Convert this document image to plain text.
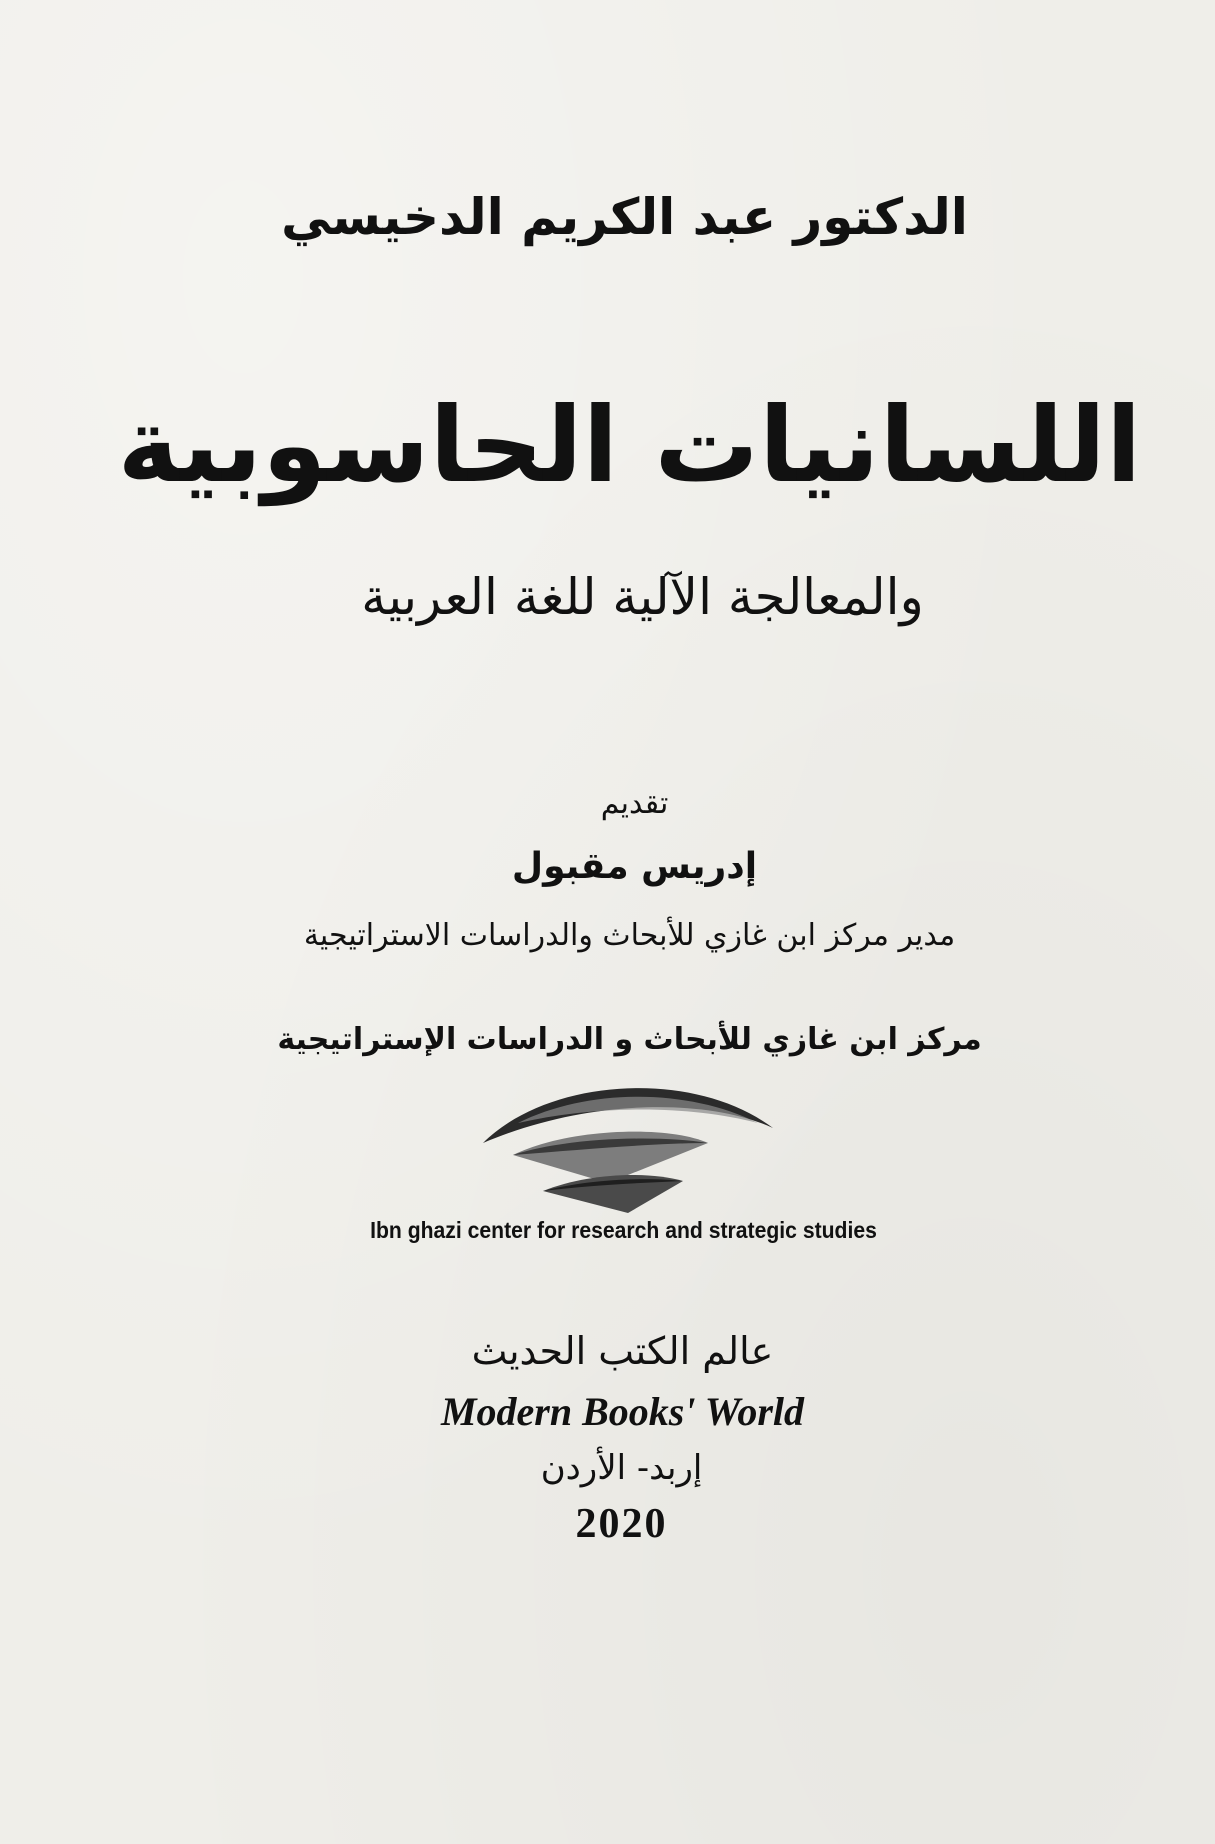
الدكتور عبد الكريم الدخيسي
اللسانيات الحاسوبية
والمعالجة الآلية للغة العربية
تقديم
إدريس مقبول
مدير مركز ابن غازي للأبحاث والدراسات الاستراتيجية
مركز ابن غازي للأبحاث و الدراسات الإستراتيجية
Ibn ghazi center for research and strategic studies
عالم الكتب الحديث
Modern Books' World
إربد- الأردن
2020
